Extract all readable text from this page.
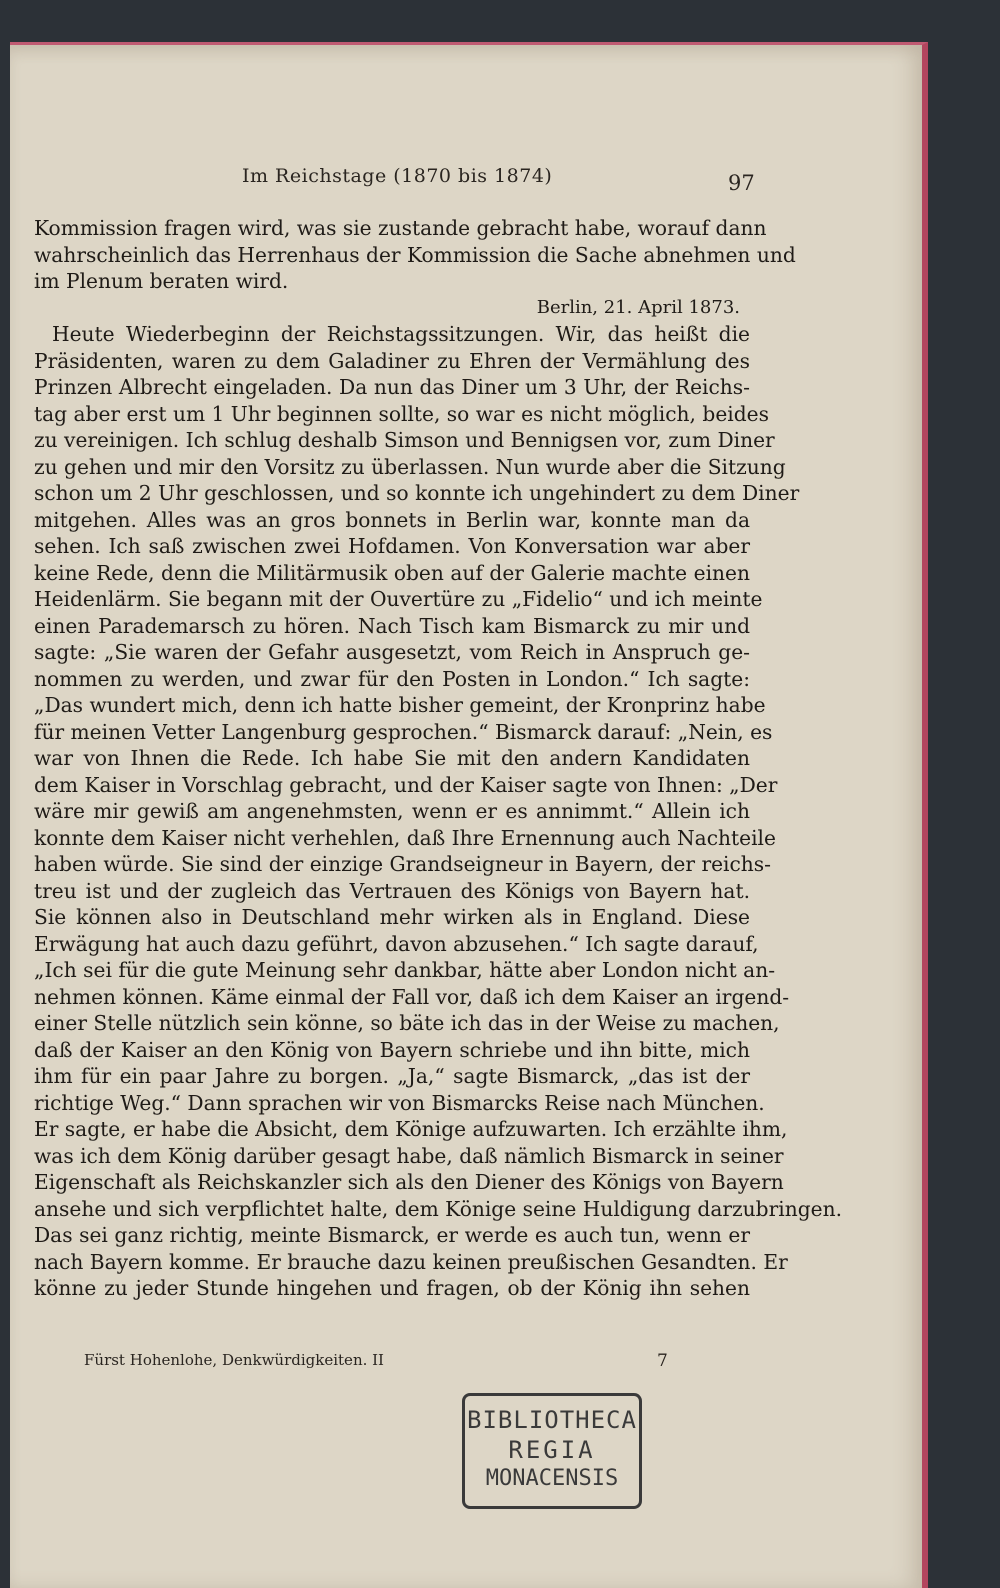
Im Reichstage (1870 bis 1874)	97
Kommission fragen wird, was sie zustande gebracht habe, worauf dann
wahrscheinlich das Herrenhaus der Kommission die Sache abnehmen und
im Plenum beraten wird.
Berlin, 21. April 1873.
Heute Wiederbeginn der Reichstagssitzungen. Wir, das heißt die
Präsidenten, waren zu dem Galadiner zu Ehren der Vermählung des
Prinzen Albrecht eingeladen. Da nun das Diner um 3 Uhr, der Reichs-
tag aber erst um 1 Uhr beginnen sollte, so war es nicht möglich, beides
zu vereinigen. Ich schlug deshalb Simson und Bennigsen vor, zum Diner
zu gehen und mir den Vorsitz zu überlassen. Nun wurde aber die Sitzung
schon um 2 Uhr geschlossen, und so konnte ich ungehindert zu dem Diner
mitgehen. Alles was an gros bonnets in Berlin war, konnte man da
sehen. Ich saß zwischen zwei Hofdamen. Von Konversation war aber
keine Rede, denn die Militärmusik oben auf der Galerie machte einen
Heidenlärm. Sie begann mit der Ouvertüre zu „Fidelio“ und ich meinte
einen Parademarsch zu hören. Nach Tisch kam Bismarck zu mir und
sagte: „Sie waren der Gefahr ausgesetzt, vom Reich in Anspruch ge-
nommen zu werden, und zwar für den Posten in London.“ Ich sagte:
„Das wundert mich, denn ich hatte bisher gemeint, der Kronprinz habe
für meinen Vetter Langenburg gesprochen.“ Bismarck darauf: „Nein, es
war von Ihnen die Rede. Ich habe Sie mit den andern Kandidaten
dem Kaiser in Vorschlag gebracht, und der Kaiser sagte von Ihnen: „Der
wäre mir gewiß am angenehmsten, wenn er es annimmt.“ Allein ich
konnte dem Kaiser nicht verhehlen, daß Ihre Ernennung auch Nachteile
haben würde. Sie sind der einzige Grandseigneur in Bayern, der reichs-
treu ist und der zugleich das Vertrauen des Königs von Bayern hat.
Sie können also in Deutschland mehr wirken als in England. Diese
Erwägung hat auch dazu geführt, davon abzusehen.“ Ich sagte darauf,
„Ich sei für die gute Meinung sehr dankbar, hätte aber London nicht an-
nehmen können. Käme einmal der Fall vor, daß ich dem Kaiser an irgend-
einer Stelle nützlich sein könne, so bäte ich das in der Weise zu machen,
daß der Kaiser an den König von Bayern schriebe und ihn bitte, mich
ihm für ein paar Jahre zu borgen. „Ja,“ sagte Bismarck, „das ist der
richtige Weg.“ Dann sprachen wir von Bismarcks Reise nach München.
Er sagte, er habe die Absicht, dem Könige aufzuwarten. Ich erzählte ihm,
was ich dem König darüber gesagt habe, daß nämlich Bismarck in seiner
Eigenschaft als Reichskanzler sich als den Diener des Königs von Bayern
ansehe und sich verpflichtet halte, dem Könige seine Huldigung darzubringen.
Das sei ganz richtig, meinte Bismarck, er werde es auch tun, wenn er
nach Bayern komme. Er brauche dazu keinen preußischen Gesandten. Er
könne zu jeder Stunde hingehen und fragen, ob der König ihn sehen
Fürst Hohenlohe, Denkwürdigkeiten. II	7
BIBLIOTHECA
REGIA
MONACENSIS
